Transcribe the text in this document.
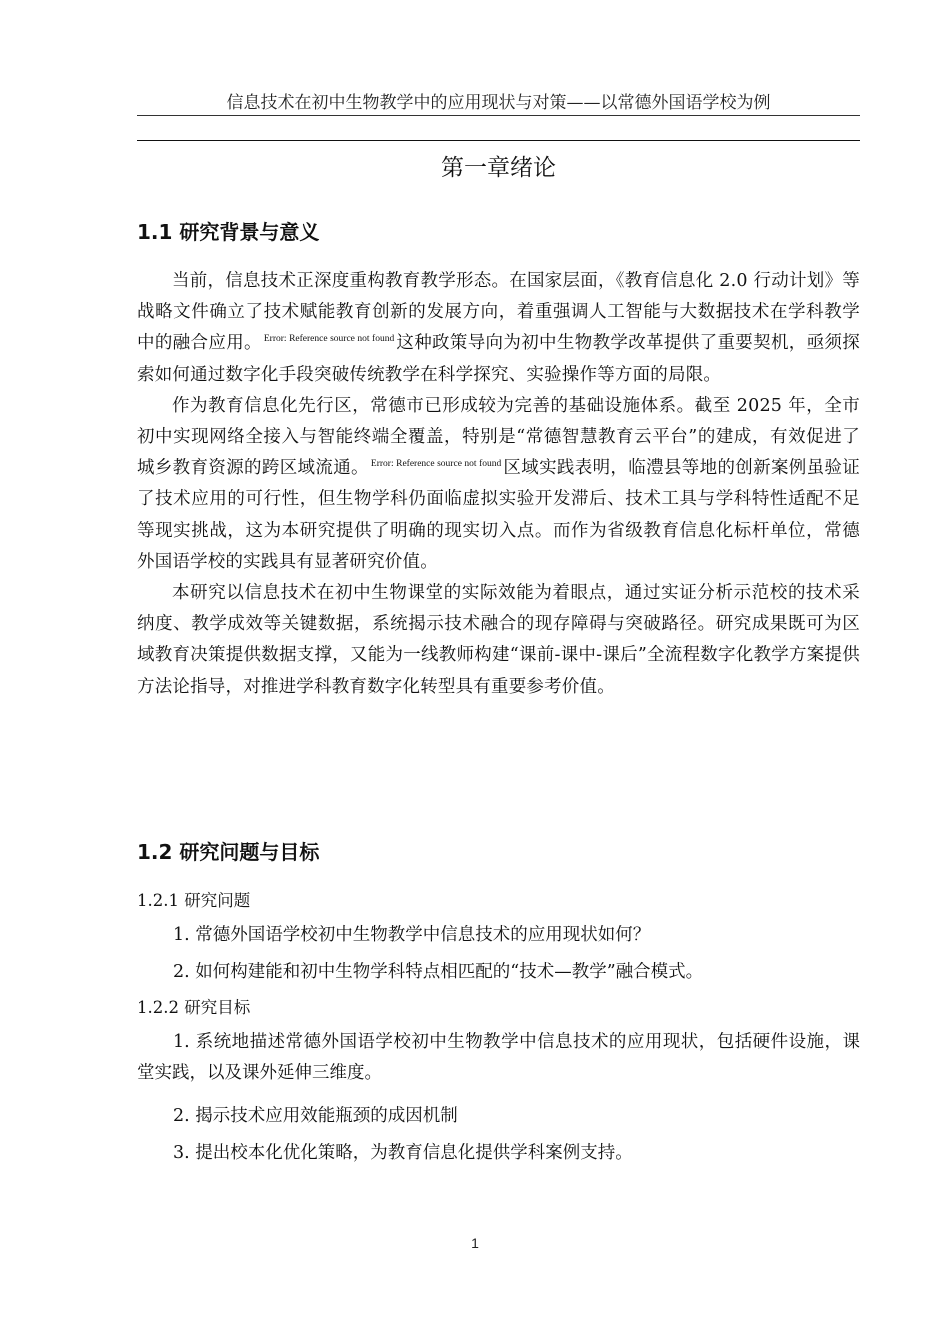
信息技术在初中生物教学中的应用现状与对策——以常德外国语学校为例
第一章绪论
1.1 研究背景与意义

当前，信息技术正深度重构教育教学形态。在国家层面，《教育信息化 2.0 行动计划》等战略文件确立了技术赋能教育创新的发展方向，着重强调人工智能与大数据技术在学科教学中的融合应用。 $^{Error: Reference source not found}$ 这种政策导向为初中生物教学改革提供了重要契机，亟须探索如何通过数字化手段突破传统教学在科学探究、实验操作等方面的局限。

作为教育信息化先行区，常德市已形成较为完善的基础设施体系。截至 2025 年，全市初中实现网络全接入与智能终端全覆盖，特别是“常德智慧教育云平台”的建成，有效促进了城乡教育资源的跨区域流通。 $^{Error: Reference source not found}$ 区域实践表明，临澧县等地的创新案例虽验证了技术应用的可行性，但生物学科仍面临虚拟实验开发滞后、技术工具与学科特性适配不足等现实挑战，这为本研究提供了明确的现实切入点。而作为省级教育信息化标杆单位，常德外国语学校的实践具有显著研究价值。

本研究以信息技术在初中生物课堂的实际效能为着眼点，通过实证分析示范校的技术采纳度、教学成效等关键数据，系统揭示技术融合的现存障碍与突破路径。研究成果既可为区域教育决策提供数据支撑，又能为一线教师构建“课前-课中-课后”全流程数字化教学方案提供方法论指导，对推进学科教育数字化转型具有重要参考价值。

1.2 研究问题与目标
1.2.1 研究问题
1. 常德外国语学校初中生物教学中信息技术的应用现状如何？
2. 如何构建能和初中生物学科特点相匹配的“技术—教学”融合模式。
1.2.2 研究目标
1. 系统地描述常德外国语学校初中生物教学中信息技术的应用现状，包括硬件设施，课堂实践，以及课外延伸三维度。
2. 揭示技术应用效能瓶颈的成因机制
3. 提出校本化优化策略，为教育信息化提供学科案例支持。
1
